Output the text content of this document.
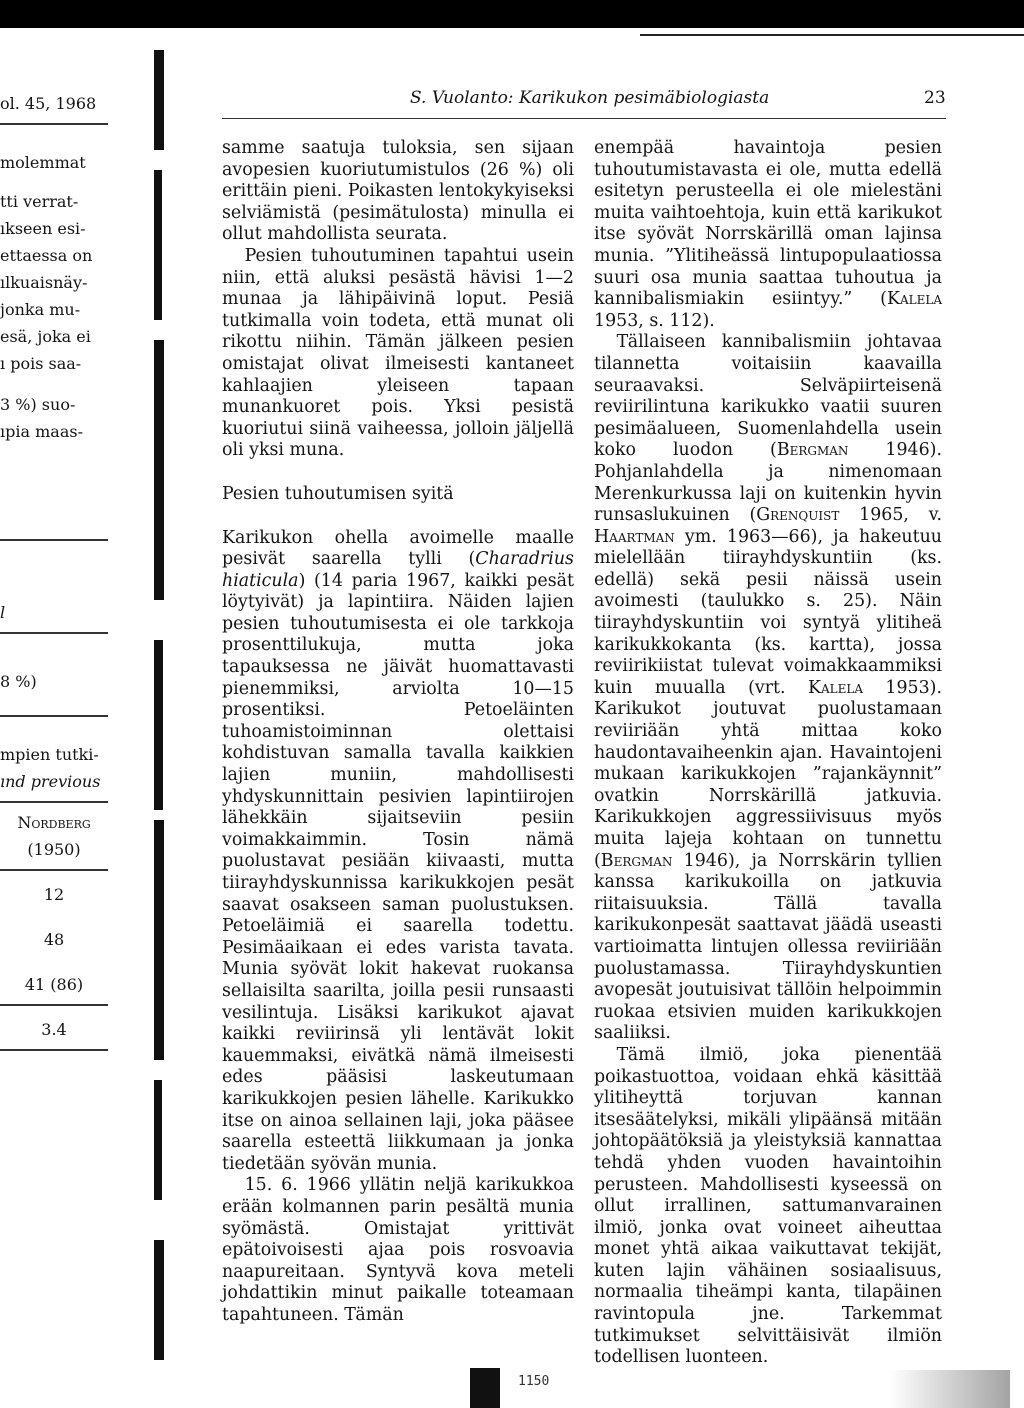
ol. 45, 1968
molemmat
tti verrat-
ıkseen esi-
ettaessa on
ılkuaisnäy-
jonka mu-
esä, joka ei
ı pois saa-
3 %) suo-
ıpia maas-
l
8 %)
mpien tutki-
ınd previous
Nordberg
(1950)
12
48
41 (86)
3.4
S. Vuolanto: Karikukon pesimäbiologiasta	23

samme saatuja tuloksia, sen sijaan avopesien kuoriutumistulos (26 %) oli erittäin pieni. Poikasten lentokykyiseksi selviämistä (pesimätulosta) minulla ei ollut mahdollista seurata.

Pesien tuhoutuminen tapahtui usein niin, että aluksi pesästä hävisi 1—2 munaa ja lähipäivinä loput. Pesiä tutkimalla voin todeta, että munat oli rikottu niihin. Tämän jälkeen pesien omistajat olivat ilmeisesti kantaneet kahlaajien yleiseen tapaan munankuoret pois. Yksi pesistä kuoriutui siinä vaiheessa, jolloin jäljellä oli yksi muna.

Pesien tuhoutumisen syitä

Karikukon ohella avoimelle maalle pesivät saarella tylli (Charadrius hiaticula) (14 paria 1967, kaikki pesät löytyivät) ja lapintiira. Näiden lajien pesien tuhoutumisesta ei ole tarkkoja prosenttilukuja, mutta joka tapauksessa ne jäivät huomattavasti pienemmiksi, arviolta 10—15 prosentiksi. Petoeläinten tuhoamistoiminnan olettaisi kohdistuvan samalla tavalla kaikkien lajien muniin, mahdollisesti yhdyskunnittain pesivien lapintiirojen lähekkäin sijaitseviin pesiin voimakkaimmin. Tosin nämä puolustavat pesiään kiivaasti, mutta tiirayhdyskunnissa karikukkojen pesät saavat osakseen saman puolustuksen. Petoeläimiä ei saarella todettu. Pesimäaikaan ei edes varista tavata. Munia syövät lokit hakevat ruokansa sellaisilta saarilta, joilla pesii runsaasti vesilintuja. Lisäksi karikukot ajavat kaikki reviirinsä yli lentävät lokit kauemmaksi, eivätkä nämä ilmeisesti edes pääsisi laskeutumaan karikukkojen pesien lähelle. Karikukko itse on ainoa sellainen laji, joka pääsee saarella esteettä liikkumaan ja jonka tiedetään syövän munia.

15. 6. 1966 yllätin neljä karikukkoa erään kolmannen parin pesältä munia syömästä. Omistajat yrittivät epätoivoisesti ajaa pois rosvoavia naapureitaan. Syntyvä kova meteli johdattikin minut paikalle toteamaan tapahtuneen. Tämän

enempää havaintoja pesien tuhoutumistavasta ei ole, mutta edellä esitetyn perusteella ei ole mielestäni muita vaihtoehtoja, kuin että karikukot itse syövät Norrskärillä oman lajinsa munia. ”Ylitiheässä lintupopulaatiossa suuri osa munia saattaa tuhoutua ja kannibalismiakin esiintyy.” (Kalela 1953, s. 112).

Tällaiseen kannibalismiin johtavaa tilannetta voitaisiin kaavailla seuraavaksi. Selväpiirteisenä reviirilintuna karikukko vaatii suuren pesimäalueen, Suomenlahdella usein koko luodon (Bergman 1946). Pohjanlahdella ja nimenomaan Merenkurkussa laji on kuitenkin hyvin runsaslukuinen (Grenquist 1965, v. Haartman ym. 1963—66), ja hakeutuu mielellään tiirayhdyskuntiin (ks. edellä) sekä pesii näissä usein avoimesti (taulukko s. 25). Näin tiirayhdyskuntiin voi syntyä ylitiheä karikukkokanta (ks. kartta), jossa reviirikiistat tulevat voimakkaammiksi kuin muualla (vrt. Kalela 1953). Karikukot joutuvat puolustamaan reviiriään yhtä mittaa koko haudontavaiheenkin ajan. Havaintojeni mukaan karikukkojen ”rajankäynnit” ovatkin Norrskärillä jatkuvia. Karikukkojen aggressiivisuus myös muita lajeja kohtaan on tunnettu (Bergman 1946), ja Norrskärin tyllien kanssa karikukoilla on jatkuvia riitaisuuksia. Tällä tavalla karikukonpesät saattavat jäädä useasti vartioimatta lintujen ollessa reviiriään puolustamassa. Tiirayhdyskuntien avopesät joutuisivat tällöin helpoimmin ruokaa etsivien muiden karikukkojen saaliiksi.

Tämä ilmiö, joka pienentää poikastuottoa, voidaan ehkä käsittää ylitiheyttä torjuvan kannan itsesäätelyksi, mikäli ylipäänsä mitään johtopäätöksiä ja yleistyksiä kannattaa tehdä yhden vuoden havaintoihin perusteen. Mahdollisesti kyseessä on ollut irrallinen, sattumanvarainen ilmiö, jonka ovat voineet aiheuttaa monet yhtä aikaa vaikuttavat tekijät, kuten lajin vähäinen sosiaalisuus, normaalia tiheämpi kanta, tilapäinen ravintopula jne. Tarkemmat tutkimukset selvittäisivät ilmiön todellisen luonteen.

1150
